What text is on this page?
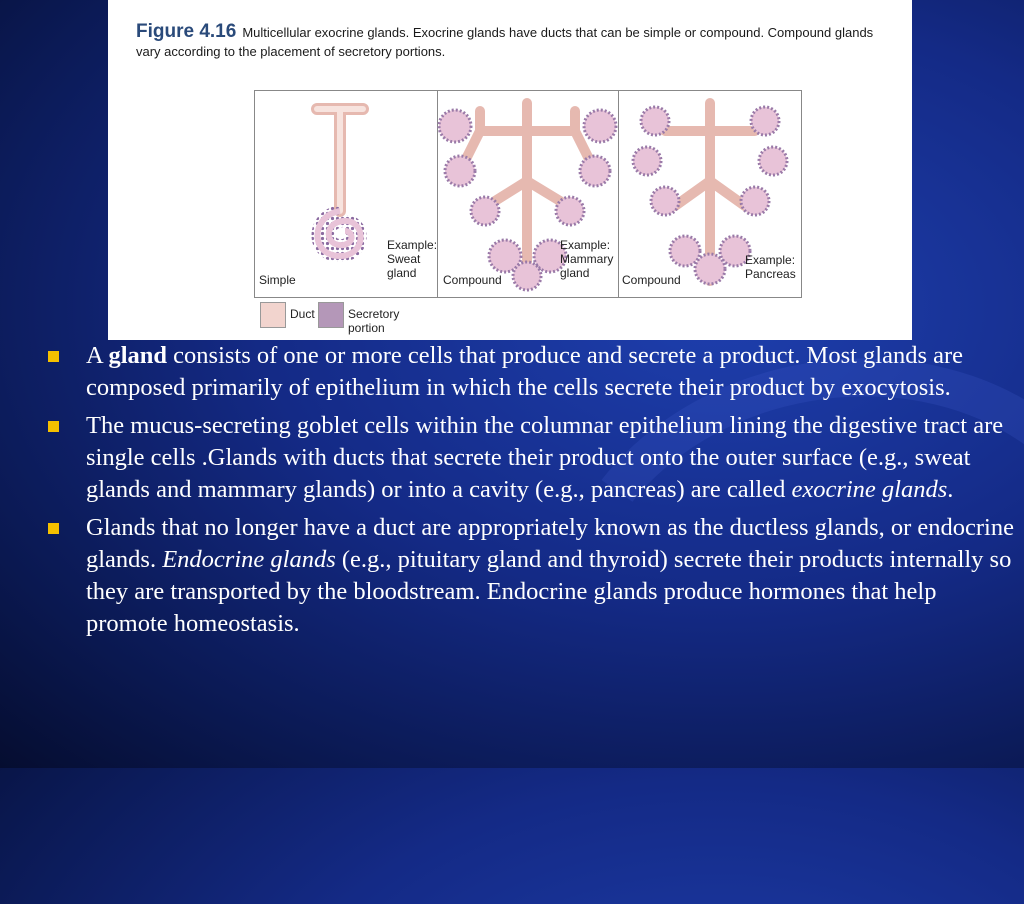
Figure 4.16 Multicellular exocrine glands. Exocrine glands have ducts that can be simple or compound. Compound glands vary according to the placement of secretory portions.
Simple
Example:
Sweat
gland	Compound
Example:
Mammary
gland	Compound
Example:
Pancreas
Duct	Secretory portion
A gland consists of one or more cells that produce and secrete a product. Most glands are composed primarily of epithelium in which the cells secrete their product by exocytosis.
The mucus-secreting goblet cells within the columnar epithelium lining the digestive tract are single cells .Glands with ducts that secrete their product onto the outer surface (e.g., sweat glands and mammary glands) or into a cavity (e.g., pancreas) are called exocrine glands.
Glands that no longer have a duct are appropriately known as the ductless glands, or endocrine glands. Endocrine glands (e.g., pituitary gland and thyroid) secrete their products internally so they are transported by the bloodstream. Endocrine glands produce hormones that help promote homeostasis.
